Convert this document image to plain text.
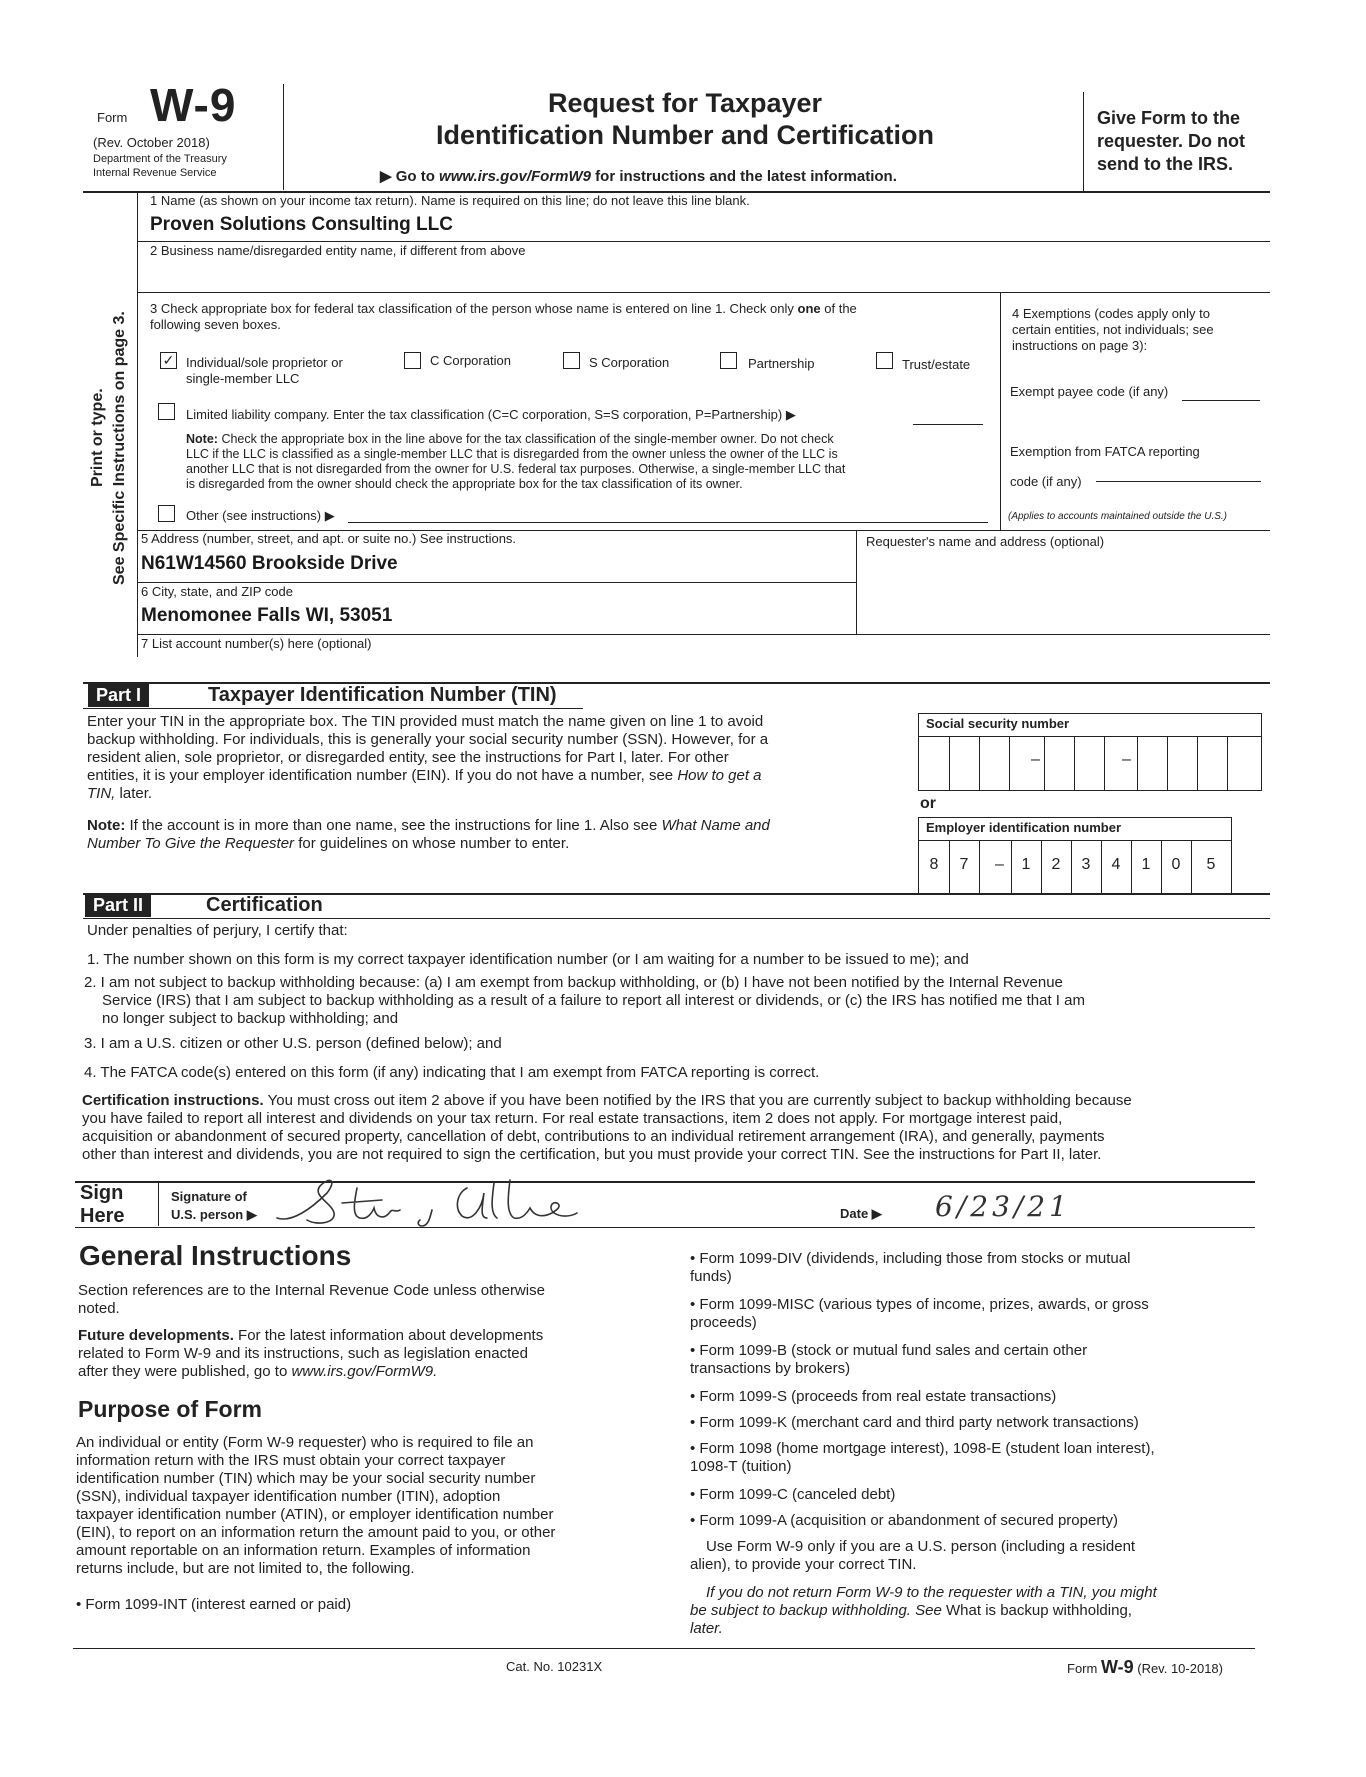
Form W-9
(Rev. October 2018)
Department of the Treasury
Internal Revenue Service
Request for Taxpayer
Identification Number and Certification
▶ Go to www.irs.gov/FormW9 for instructions and the latest information.
Give Form to the
requester. Do not
send to the IRS.
Print or type. See Specific Instructions on page 3.
1 Name (as shown on your income tax return). Name is required on this line; do not leave this line blank.
Proven Solutions Consulting LLC
2 Business name/disregarded entity name, if different from above
3 Check appropriate box for federal tax classification of the person whose name is entered on line 1. Check only one of the
following seven boxes.
✓ Individual/sole proprietor or
single-member LLC
C Corporation	S Corporation	Partnership	Trust/estate
Limited liability company. Enter the tax classification (C=C corporation, S=S corporation, P=Partnership) ▶
Note: Check the appropriate box in the line above for the tax classification of the single-member owner. Do not check
LLC if the LLC is classified as a single-member LLC that is disregarded from the owner unless the owner of the LLC is
another LLC that is not disregarded from the owner for U.S. federal tax purposes. Otherwise, a single-member LLC that
is disregarded from the owner should check the appropriate box for the tax classification of its owner.
Other (see instructions) ▶
4 Exemptions (codes apply only to
certain entities, not individuals; see
instructions on page 3):
Exempt payee code (if any)
Exemption from FATCA reporting
code (if any)
(Applies to accounts maintained outside the U.S.)
5 Address (number, street, and apt. or suite no.) See instructions.
N61W14560 Brookside Drive
Requester's name and address (optional)
6 City, state, and ZIP code
Menomonee Falls WI, 53051
7 List account number(s) here (optional)
Part I	Taxpayer Identification Number (TIN)
Enter your TIN in the appropriate box. The TIN provided must match the name given on line 1 to avoid
backup withholding. For individuals, this is generally your social security number (SSN). However, for a
resident alien, sole proprietor, or disregarded entity, see the instructions for Part I, later. For other
entities, it is your employer identification number (EIN). If you do not have a number, see How to get a
TIN, later.
Note: If the account is in more than one name, see the instructions for line 1. Also see What Name and
Number To Give the Requester for guidelines on whose number to enter.
Social security number
–	–
or
Employer identification number
8	7	–	1	2	3	4	1	0	5
Part II	Certification
Under penalties of perjury, I certify that:
1. The number shown on this form is my correct taxpayer identification number (or I am waiting for a number to be issued to me); and
2. I am not subject to backup withholding because: (a) I am exempt from backup withholding, or (b) I have not been notified by the Internal Revenue
Service (IRS) that I am subject to backup withholding as a result of a failure to report all interest or dividends, or (c) the IRS has notified me that I am
no longer subject to backup withholding; and
3. I am a U.S. citizen or other U.S. person (defined below); and
4. The FATCA code(s) entered on this form (if any) indicating that I am exempt from FATCA reporting is correct.
Certification instructions. You must cross out item 2 above if you have been notified by the IRS that you are currently subject to backup withholding because
you have failed to report all interest and dividends on your tax return. For real estate transactions, item 2 does not apply. For mortgage interest paid,
acquisition or abandonment of secured property, cancellation of debt, contributions to an individual retirement arrangement (IRA), and generally, payments
other than interest and dividends, you are not required to sign the certification, but you must provide your correct TIN. See the instructions for Part II, later.
Sign
Here
Signature of
U.S. person ▶	Date ▶ 6/23/21
General Instructions
Section references are to the Internal Revenue Code unless otherwise
noted.
Future developments. For the latest information about developments
related to Form W-9 and its instructions, such as legislation enacted
after they were published, go to www.irs.gov/FormW9.
Purpose of Form
An individual or entity (Form W-9 requester) who is required to file an
information return with the IRS must obtain your correct taxpayer
identification number (TIN) which may be your social security number
(SSN), individual taxpayer identification number (ITIN), adoption
taxpayer identification number (ATIN), or employer identification number
(EIN), to report on an information return the amount paid to you, or other
amount reportable on an information return. Examples of information
returns include, but are not limited to, the following.
• Form 1099-INT (interest earned or paid)
• Form 1099-DIV (dividends, including those from stocks or mutual
funds)
• Form 1099-MISC (various types of income, prizes, awards, or gross
proceeds)
• Form 1099-B (stock or mutual fund sales and certain other
transactions by brokers)
• Form 1099-S (proceeds from real estate transactions)
• Form 1099-K (merchant card and third party network transactions)
• Form 1098 (home mortgage interest), 1098-E (student loan interest),
1098-T (tuition)
• Form 1099-C (canceled debt)
• Form 1099-A (acquisition or abandonment of secured property)
Use Form W-9 only if you are a U.S. person (including a resident
alien), to provide your correct TIN.
If you do not return Form W-9 to the requester with a TIN, you might
be subject to backup withholding. See What is backup withholding,
later.
Cat. No. 10231X	Form W-9 (Rev. 10-2018)
